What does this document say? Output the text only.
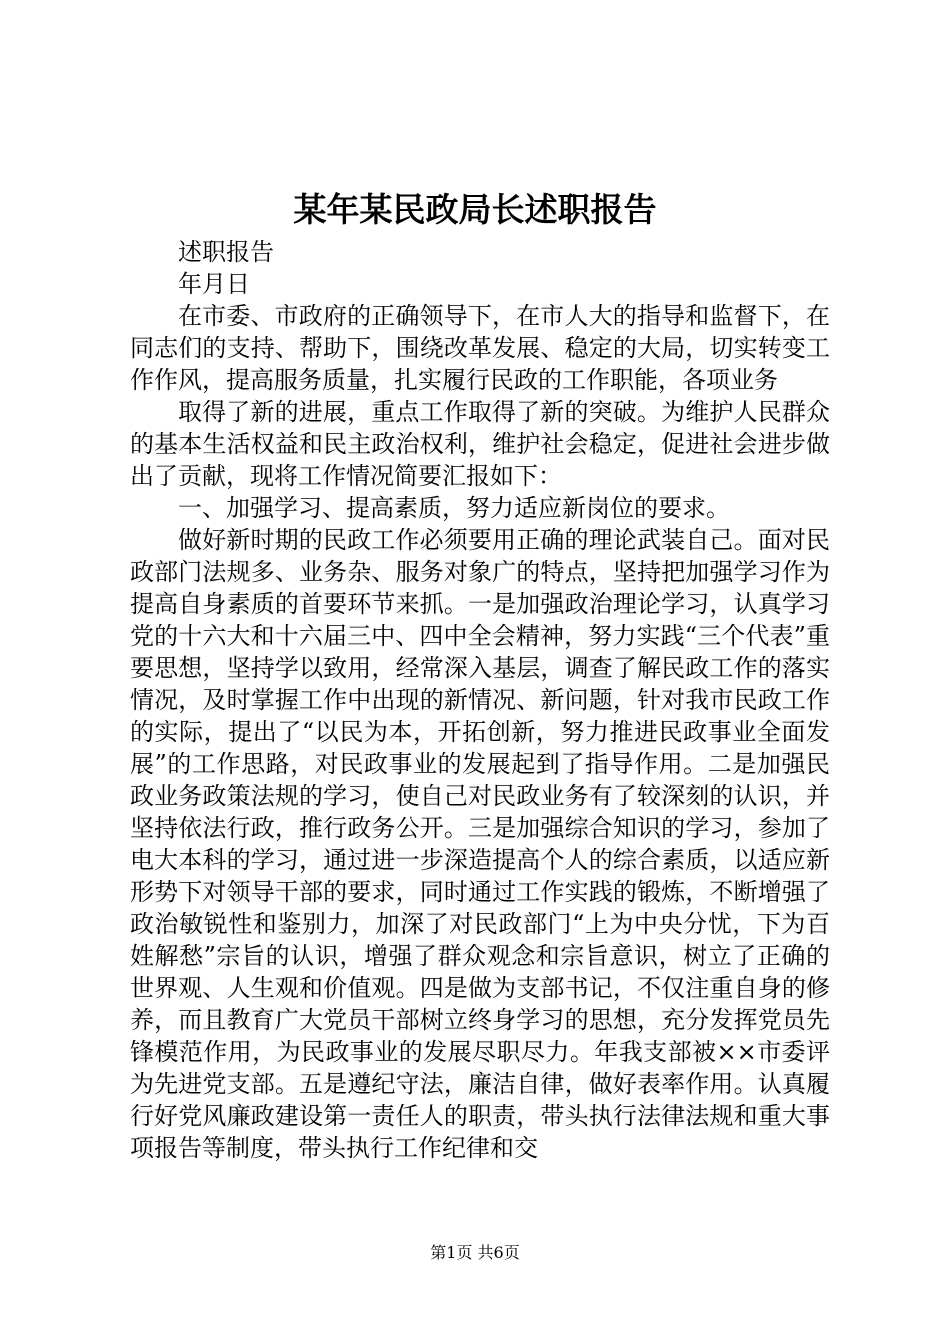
某年某民政局长述职报告

述职报告

年月日

在市委、市政府的正确领导下，在市人大的指导和监督下，在同志们的支持、帮助下，围绕改革发展、稳定的大局，切实转变工作作风，提高服务质量，扎实履行民政的工作职能，各项业务

取得了新的进展，重点工作取得了新的突破。为维护人民群众的基本生活权益和民主政治权利，维护社会稳定，促进社会进步做出了贡献，现将工作情况简要汇报如下：

一、加强学习、提高素质，努力适应新岗位的要求。

做好新时期的民政工作必须要用正确的理论武装自己。面对民政部门法规多、业务杂、服务对象广的特点，坚持把加强学习作为提高自身素质的首要环节来抓。一是加强政治理论学习，认真学习党的十六大和十六届三中、四中全会精神，努力实践“三个代表”重要思想，坚持学以致用，经常深入基层，调查了解民政工作的落实情况，及时掌握工作中出现的新情况、新问题，针对我市民政工作的实际，提出了“以民为本，开拓创新，努力推进民政事业全面发展”的工作思路，对民政事业的发展起到了指导作用。二是加强民政业务政策法规的学习，使自己对民政业务有了较深刻的认识，并坚持依法行政，推行政务公开。三是加强综合知识的学习，参加了电大本科的学习，通过进一步深造提高个人的综合素质，以适应新形势下对领导干部的要求，同时通过工作实践的锻炼，不断增强了政治敏锐性和鉴别力，加深了对民政部门“上为中央分忧，下为百姓解愁”宗旨的认识，增强了群众观念和宗旨意识，树立了正确的世界观、人生观和价值观。四是做为支部书记，不仅注重自身的修养，而且教育广大党员干部树立终身学习的思想，充分发挥党员先锋模范作用，为民政事业的发展尽职尽力。年我支部被××市委评为先进党支部。五是遵纪守法，廉洁自律，做好表率作用。认真履行好党风廉政建设第一责任人的职责，带头执行法律法规和重大事项报告等制度，带头执行工作纪律和交

第1页 共6页
